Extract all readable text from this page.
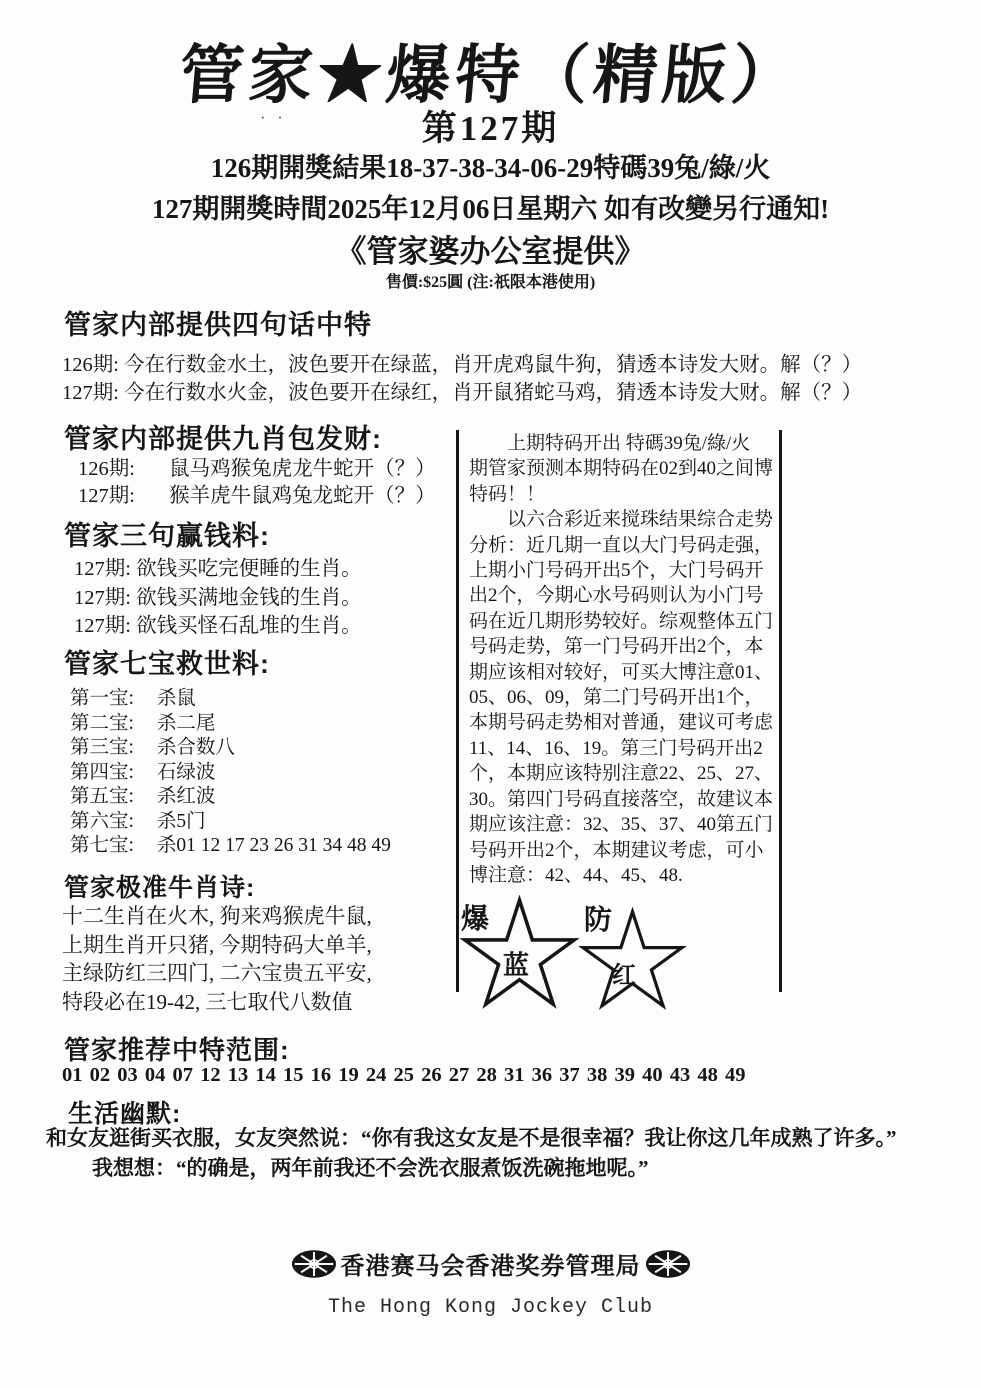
管家★爆特（精版）
· ·	第127期
126期開獎結果18-37-38-34-06-29特碼39兔/綠/火
127期開獎時間2025年12月06日星期六 如有改變另行通知!
《管家婆办公室提供》
售價:$25圓 (注:祇限本港使用)
管家内部提供四句话中特
126期: 今在行数金水土，波色要开在绿蓝，肖开虎鸡鼠牛狗，猜透本诗发大财。解（？）
127期: 今在行数水火金，波色要开在绿红，肖开鼠猪蛇马鸡，猜透本诗发大财。解（？）
管家内部提供九肖包发财:
126期: 鼠马鸡猴兔虎龙牛蛇开（？）
127期: 猴羊虎牛鼠鸡兔龙蛇开（？）
管家三句赢钱料:
127期: 欲钱买吃完便睡的生肖。
127期: 欲钱买满地金钱的生肖。
127期: 欲钱买怪石乱堆的生肖。
管家七宝救世料:
第一宝: 杀鼠
第二宝: 杀二尾
第三宝: 杀合数八
第四宝: 石绿波
第五宝: 杀红波
第六宝: 杀5门
第七宝: 杀01 12 17 23 26 31 34 48 49
管家极准牛肖诗:
十二生肖在火木, 狗来鸡猴虎牛鼠,
上期生肖开只猪, 今期特码大单羊,
主绿防红三四门, 二六宝贵五平安,
特段必在19-42, 三七取代八数值
　　上期特码开出 特碼39兔/綠/火
期管家预测本期特码在02到40之间博
特码！！
　　以六合彩近来搅珠结果综合走势
分析：近几期一直以大门号码走强，
上期小门号码开出5个，大门号码开
出2个，今期心水号码则认为小门号
码在近几期形势较好。综观整体五门
号码走势，第一门号码开出2个，本
期应该相对较好，可买大博注意01、
05、06、09，第二门号码开出1个，
本期号码走势相对普通，建议可考虑
11、14、16、19。第三门号码开出2
个，本期应该特别注意22、25、27、
30。第四门号码直接落空，故建议本
期应该注意：32、35、37、40第五门
号码开出2个，本期建议考虑，可小
博注意：42、44、45、48.
爆
蓝
防
红
管家推荐中特范围:
01 02 03 04 07 12 13 14 15 16 19 24 25 26 27 28 31 36 37 38 39 40 43 48 49
生活幽默:
和女友逛街买衣服，女友突然说：“你有我这女友是不是很幸福？我让你这几年成熟了许多。”
我想想：“的确是，两年前我还不会洗衣服煮饭洗碗拖地呢。”
香港赛马会香港奖券管理局
The Hong Kong Jockey Club
